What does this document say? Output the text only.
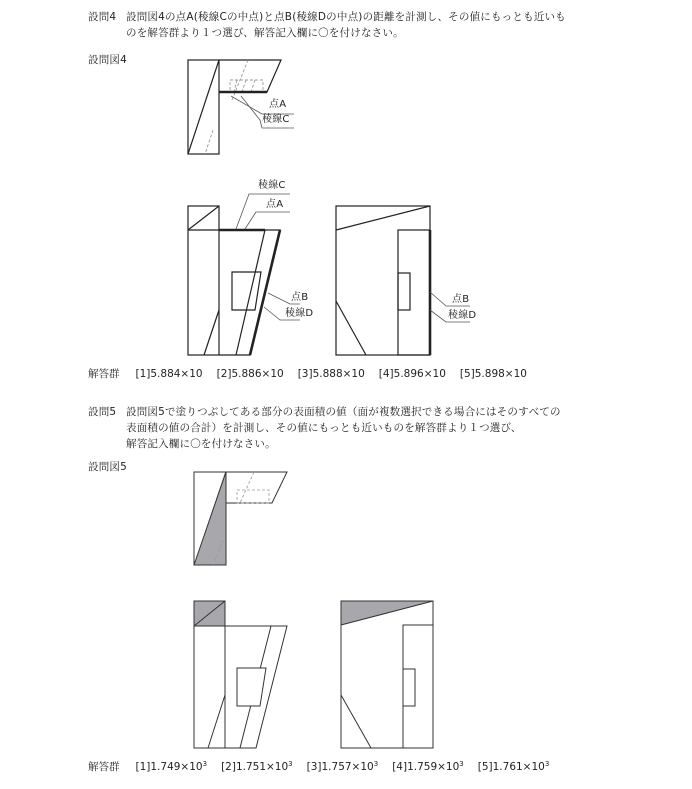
設問4 設問図4の点A(稜線Cの中点)と点B(稜線Dの中点)の距離を計測し、その値にもっとも近いも
のを解答群より１つ選び、解答記入欄に〇を付けなさい。
設問図4
点A
稜線C
稜線C
点A
点B
稜線D
点B
稜線D
解答群 [1]5.884×10 [2]5.886×10 [3]5.888×10 [4]5.896×10 [5]5.898×10
設問5 設問図5で塗りつぶしてある部分の表面積の値（面が複数選択できる場合にはそのすべての
表面積の値の合計）を計測し、その値にもっとも近いものを解答群より１つ選び、
解答記入欄に〇を付けなさい。
設問図5
解答群 $[1]1.749\times 10^3$ $[2]1.751\times 10^3$ $[3]1.757\times 10^3$ $[4]1.759\times 10^3$ $[5]1.761\times 10^3$
